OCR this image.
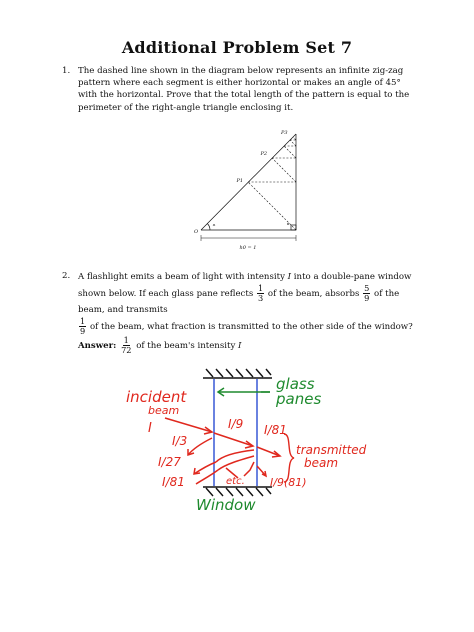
Additional Problem Set 7
1. The dashed line shown in the diagram below represents an infinite zig-zag pattern where each segment is either horizontal or makes an angle of 45° with the horizontal. Prove that the total length of the pattern is equal to the perimeter of the right-angle triangle enclosing it.
P1
P2
P3
O
h0 = 1
2. A flashlight emits a beam of light with intensity I into a double-pane window shown below. If each glass pane reflects $\frac{1}{3}$ of the beam, absorbs $\frac{5}{9}$ of the beam, and transmits

$\frac{1}{9}$ of the beam, what fraction is transmitted to the other side of the window?
Answer: $\frac{1}{72}$ of the beam's intensity I
glass
panes
Window
incident
beam
I	I/9
I/3
I/81
I/27
transmitted
beam
I/81	etc. I/9(81)
